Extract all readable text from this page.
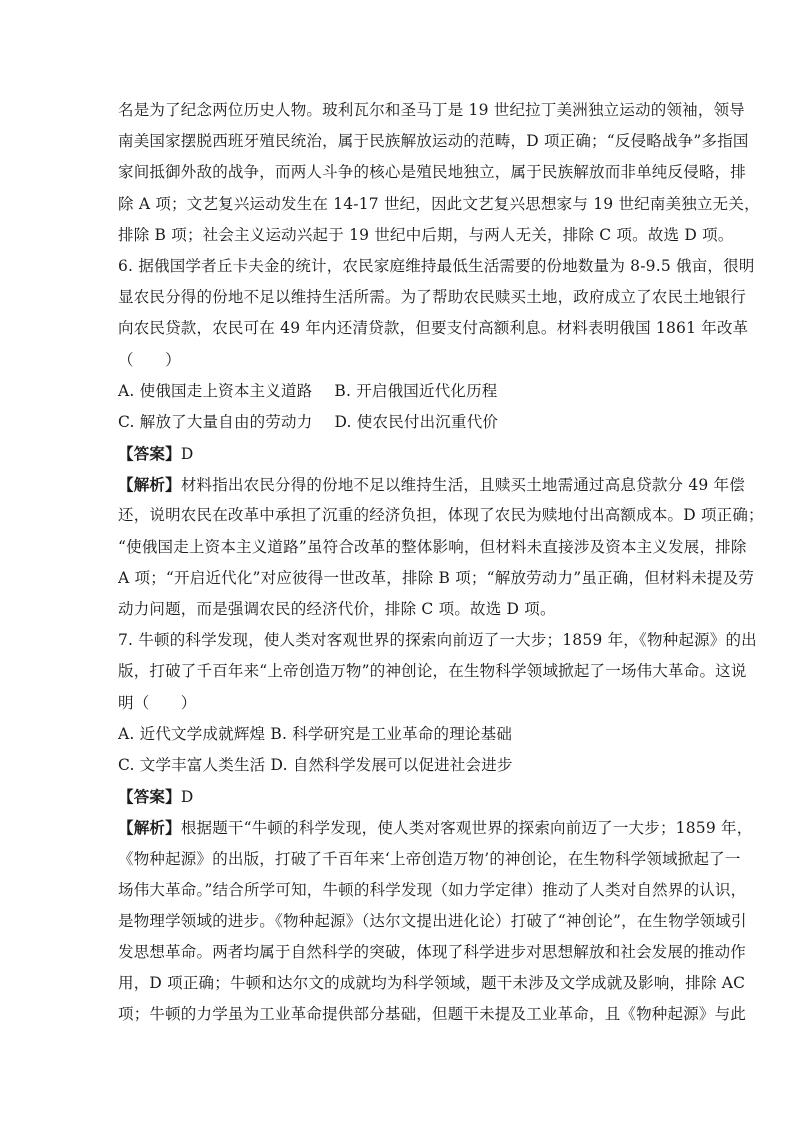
名是为了纪念两位历史人物。玻利瓦尔和圣马丁是 19 世纪拉丁美洲独立运动的领袖，领导
南美国家摆脱西班牙殖民统治，属于民族解放运动的范畴，D 项正确；“反侵略战争”多指国
家间抵御外敌的战争，而两人斗争的核心是殖民地独立，属于民族解放而非单纯反侵略，排
除 A 项；文艺复兴运动发生在 14-17 世纪，因此文艺复兴思想家与 19 世纪南美独立无关，
排除 B 项；社会主义运动兴起于 19 世纪中后期，与两人无关，排除 C 项。故选 D 项。
6. 据俄国学者丘卡夫金的统计，农民家庭维持最低生活需要的份地数量为 8-9.5 俄亩，很明
显农民分得的份地不足以维持生活所需。为了帮助农民赎买土地，政府成立了农民土地银行
向农民贷款，农民可在 49 年内还清贷款，但要支付高额利息。材料表明俄国 1861 年改革
（　　）
A. 使俄国走上资本主义道路 B. 开启俄国近代化历程
C. 解放了大量自由的劳动力 D. 使农民付出沉重代价
【答案】D
【解析】材料指出农民分得的份地不足以维持生活，且赎买土地需通过高息贷款分 49 年偿
还，说明农民在改革中承担了沉重的经济负担，体现了农民为赎地付出高额成本。D 项正确；
“使俄国走上资本主义道路”虽符合改革的整体影响，但材料未直接涉及资本主义发展，排除
A 项；“开启近代化”对应彼得一世改革，排除 B 项；“解放劳动力”虽正确，但材料未提及劳
动力问题，而是强调农民的经济代价，排除 C 项。故选 D 项。
7. 牛顿的科学发现，使人类对客观世界的探索向前迈了一大步；1859 年，《物种起源》的出
版，打破了千百年来“上帝创造万物”的神创论，在生物科学领域掀起了一场伟大革命。这说
明（　　）
A. 近代文学成就辉煌 B. 科学研究是工业革命的理论基础
C. 文学丰富人类生活 D. 自然科学发展可以促进社会进步
【答案】D
【解析】根据题干“牛顿的科学发现，使人类对客观世界的探索向前迈了一大步；1859 年，
《物种起源》的出版，打破了千百年来‘上帝创造万物’的神创论，在生物科学领域掀起了一
场伟大革命。”结合所学可知，牛顿的科学发现（如力学定律）推动了人类对自然界的认识，
是物理学领域的进步。《物种起源》（达尔文提出进化论）打破了“神创论”，在生物学领域引
发思想革命。两者均属于自然科学的突破，体现了科学进步对思想解放和社会发展的推动作
用，D 项正确；牛顿和达尔文的成就均为科学领域，题干未涉及文学成就及影响，排除 AC
项；牛顿的力学虽为工业革命提供部分基础，但题干未提及工业革命，且《物种起源》与此
